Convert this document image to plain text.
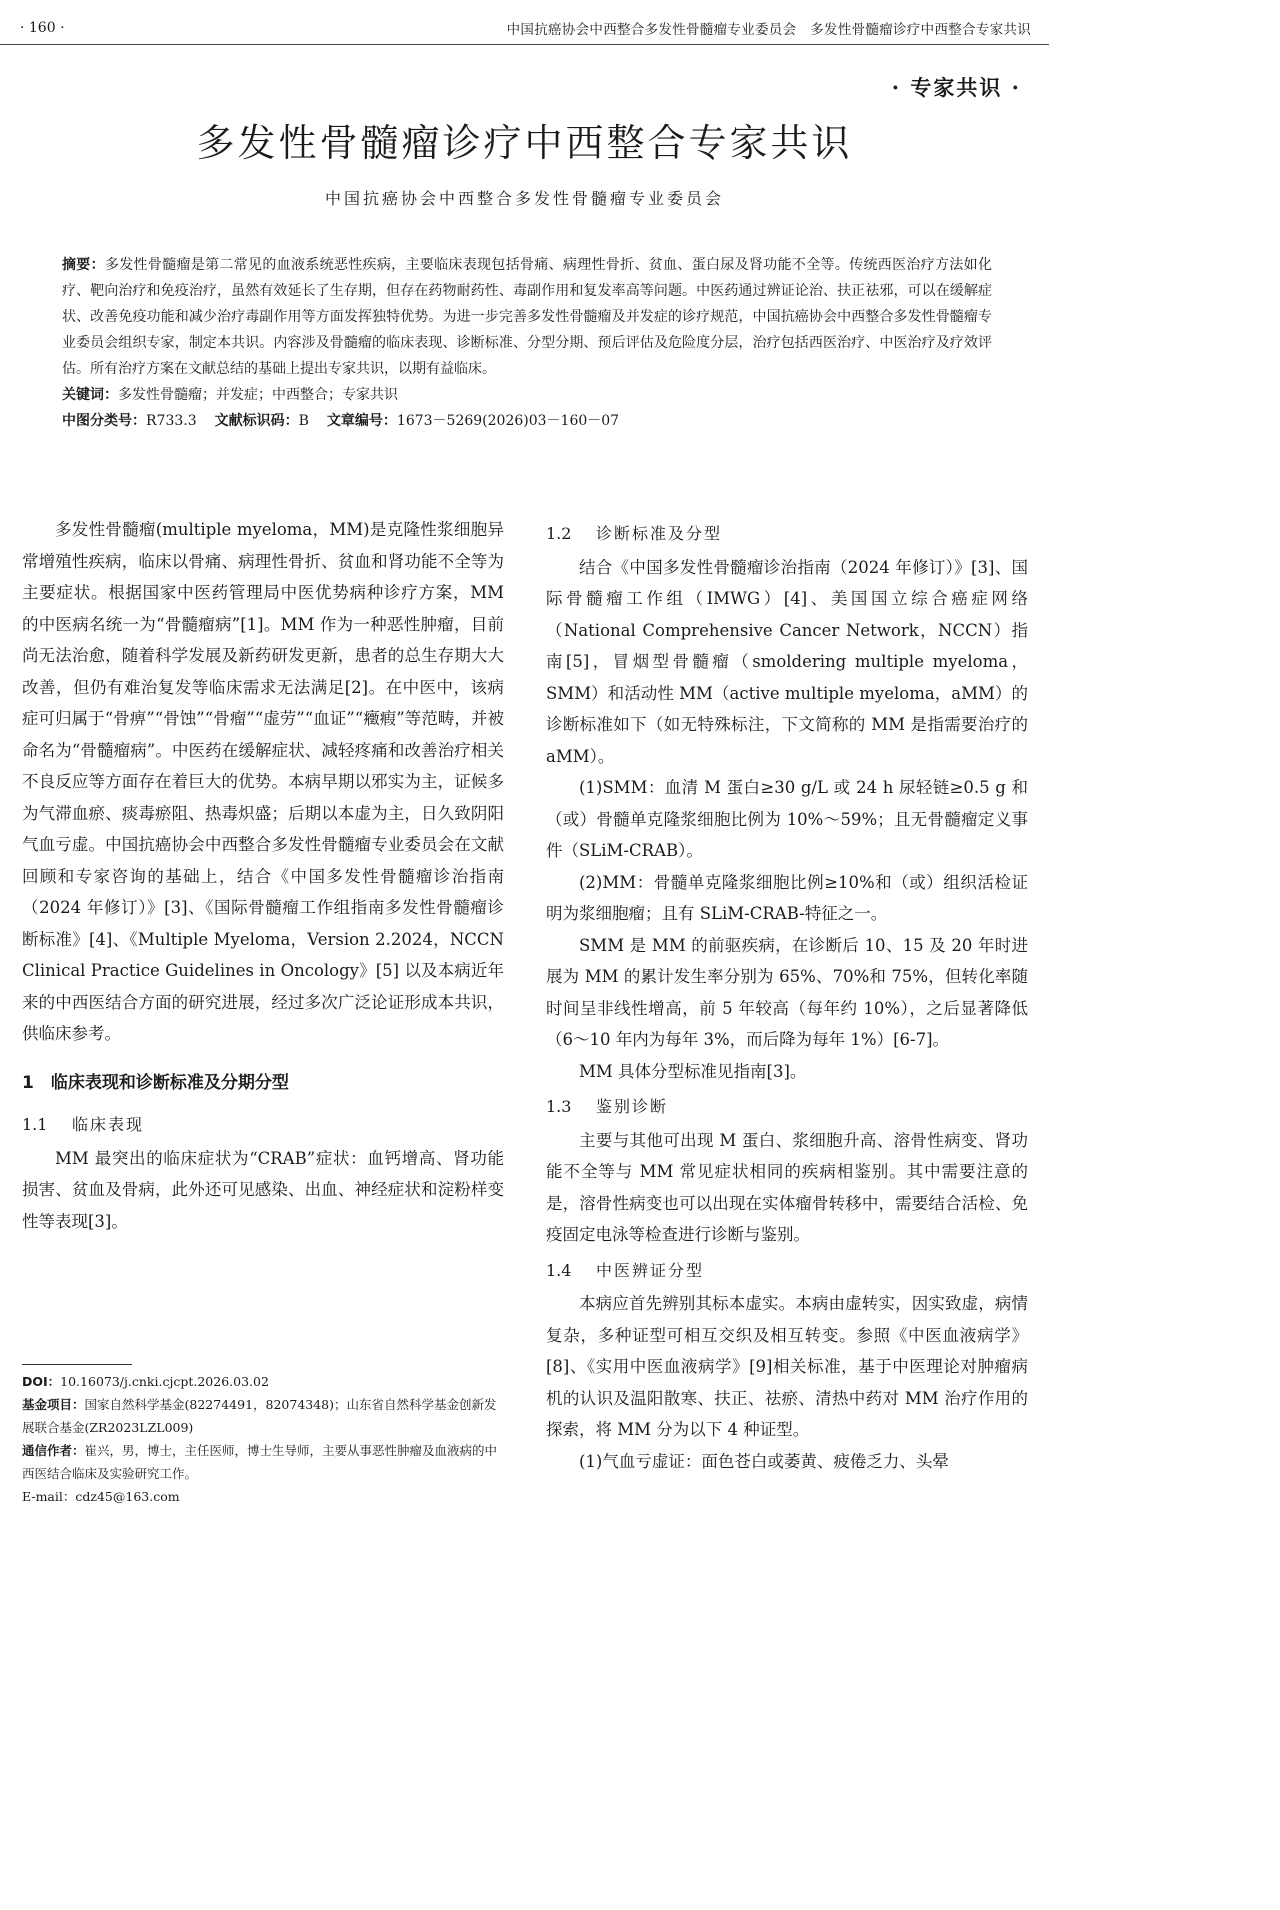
· 160 ·	中国抗癌协会中西整合多发性骨髓瘤专业委员会　多发性骨髓瘤诊疗中西整合专家共识
· 专家共识 ·
多发性骨髓瘤诊疗中西整合专家共识
中国抗癌协会中西整合多发性骨髓瘤专业委员会

摘要：多发性骨髓瘤是第二常见的血液系统恶性疾病，主要临床表现包括骨痛、病理性骨折、贫血、蛋白尿及肾功能不全等。传统西医治疗方法如化疗、靶向治疗和免疫治疗，虽然有效延长了生存期，但存在药物耐药性、毒副作用和复发率高等问题。中医药通过辨证论治、扶正祛邪，可以在缓解症状、改善免疫功能和减少治疗毒副作用等方面发挥独特优势。为进一步完善多发性骨髓瘤及并发症的诊疗规范，中国抗癌协会中西整合多发性骨髓瘤专业委员会组织专家，制定本共识。内容涉及骨髓瘤的临床表现、诊断标准、分型分期、预后评估及危险度分层，治疗包括西医治疗、中医治疗及疗效评估。所有治疗方案在文献总结的基础上提出专家共识，以期有益临床。

关键词：多发性骨髓瘤；并发症；中西整合；专家共识

中图分类号：R733.3 文献标识码：B 文章编号：1673－5269(2026)03－160－07

多发性骨髓瘤(multiple myeloma，MM)是克隆性浆细胞异常增殖性疾病，临床以骨痛、病理性骨折、贫血和肾功能不全等为主要症状。根据国家中医药管理局中医优势病种诊疗方案，MM 的中医病名统一为“骨髓瘤病”[1]。MM 作为一种恶性肿瘤，目前尚无法治愈，随着科学发展及新药研发更新，患者的总生存期大大改善，但仍有难治复发等临床需求无法满足[2]。在中医中，该病症可归属于“骨痹”“骨蚀”“骨瘤”“虚劳”“血证”“癥瘕”等范畴，并被命名为“骨髓瘤病”。中医药在缓解症状、减轻疼痛和改善治疗相关不良反应等方面存在着巨大的优势。本病早期以邪实为主，证候多为气滞血瘀、痰毒瘀阻、热毒炽盛；后期以本虚为主，日久致阴阳气血亏虚。中国抗癌协会中西整合多发性骨髓瘤专业委员会在文献回顾和专家咨询的基础上，结合《中国多发性骨髓瘤诊治指南（2024 年修订）》[3]、《国际骨髓瘤工作组指南多发性骨髓瘤诊断标准》[4]、《Multiple Myeloma，Version 2.2024，NCCN Clinical Practice Guidelines in Oncology》[5] 以及本病近年来的中西医结合方面的研究进展，经过多次广泛论证形成本共识，供临床参考。

1　临床表现和诊断标准及分期分型
1.1 临床表现

MM 最突出的临床症状为“CRAB”症状：血钙增高、肾功能损害、贫血及骨病，此外还可见感染、出血、神经症状和淀粉样变性等表现[3]。

DOI：10.16073/j.cnki.cjcpt.2026.03.02

基金项目：国家自然科学基金(82274491，82074348)；山东省自然科学基金创新发展联合基金(ZR2023LZL009)

通信作者：崔兴，男，博士，主任医师，博士生导师，主要从事恶性肿瘤及血液病的中西医结合临床及实验研究工作。

E-mail：cdz45@163.com

1.2 诊断标准及分型

结合《中国多发性骨髓瘤诊治指南（2024 年修订）》[3]、国际骨髓瘤工作组（IMWG）[4]、美国国立综合癌症网络（National Comprehensive Cancer Network，NCCN）指南[5]，冒烟型骨髓瘤（smoldering multiple myeloma，SMM）和活动性 MM（active multiple myeloma，aMM）的诊断标准如下（如无特殊标注，下文简称的 MM 是指需要治疗的 aMM）。

(1)SMM：血清 M 蛋白≥30 g/L 或 24 h 尿轻链≥0.5 g 和（或）骨髓单克隆浆细胞比例为 10%～59%；且无骨髓瘤定义事件（SLiM-CRAB）。

(2)MM：骨髓单克隆浆细胞比例≥10%和（或）组织活检证明为浆细胞瘤；且有 SLiM-CRAB-特征之一。

SMM 是 MM 的前驱疾病，在诊断后 10、15 及 20 年时进展为 MM 的累计发生率分别为 65%、70%和 75%，但转化率随时间呈非线性增高，前 5 年较高（每年约 10%），之后显著降低（6～10 年内为每年 3%，而后降为每年 1%）[6-7]。

MM 具体分型标准见指南[3]。

1.3 鉴别诊断

主要与其他可出现 M 蛋白、浆细胞升高、溶骨性病变、肾功能不全等与 MM 常见症状相同的疾病相鉴别。其中需要注意的是，溶骨性病变也可以出现在实体瘤骨转移中，需要结合活检、免疫固定电泳等检查进行诊断与鉴别。

1.4 中医辨证分型

本病应首先辨别其标本虚实。本病由虚转实，因实致虚，病情复杂，多种证型可相互交织及相互转变。参照《中医血液病学》[8]、《实用中医血液病学》[9]相关标准，基于中医理论对肿瘤病机的认识及温阳散寒、扶正、祛瘀、清热中药对 MM 治疗作用的探索，将 MM 分为以下 4 种证型。

(1)气血亏虚证：面色苍白或萎黄、疲倦乏力、头晕
